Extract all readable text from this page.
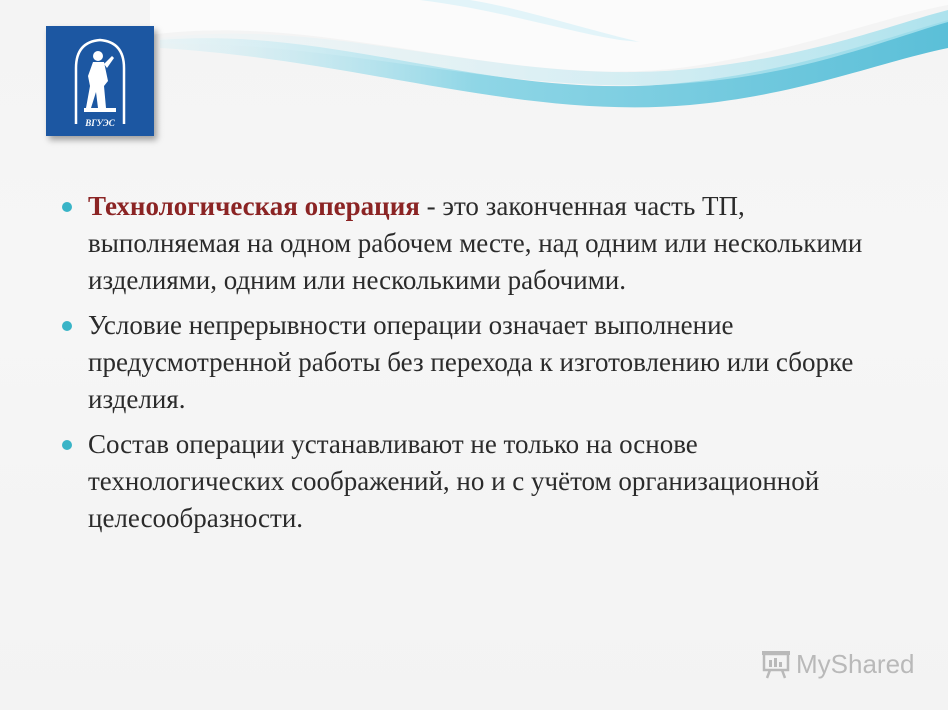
ВГУЭС
Технологическая операция - это законченная часть ТП, выполняемая на одном рабочем месте, над одним или несколькими изделиями, одним или несколькими рабочими.
Условие непрерывности операции означает выполнение предусмотренной работы без перехода к изготовлению или сборке изделия.
Состав операции устанавливают не только на основе технологических соображений, но и с учётом организационной целесообразности.
MyShared
